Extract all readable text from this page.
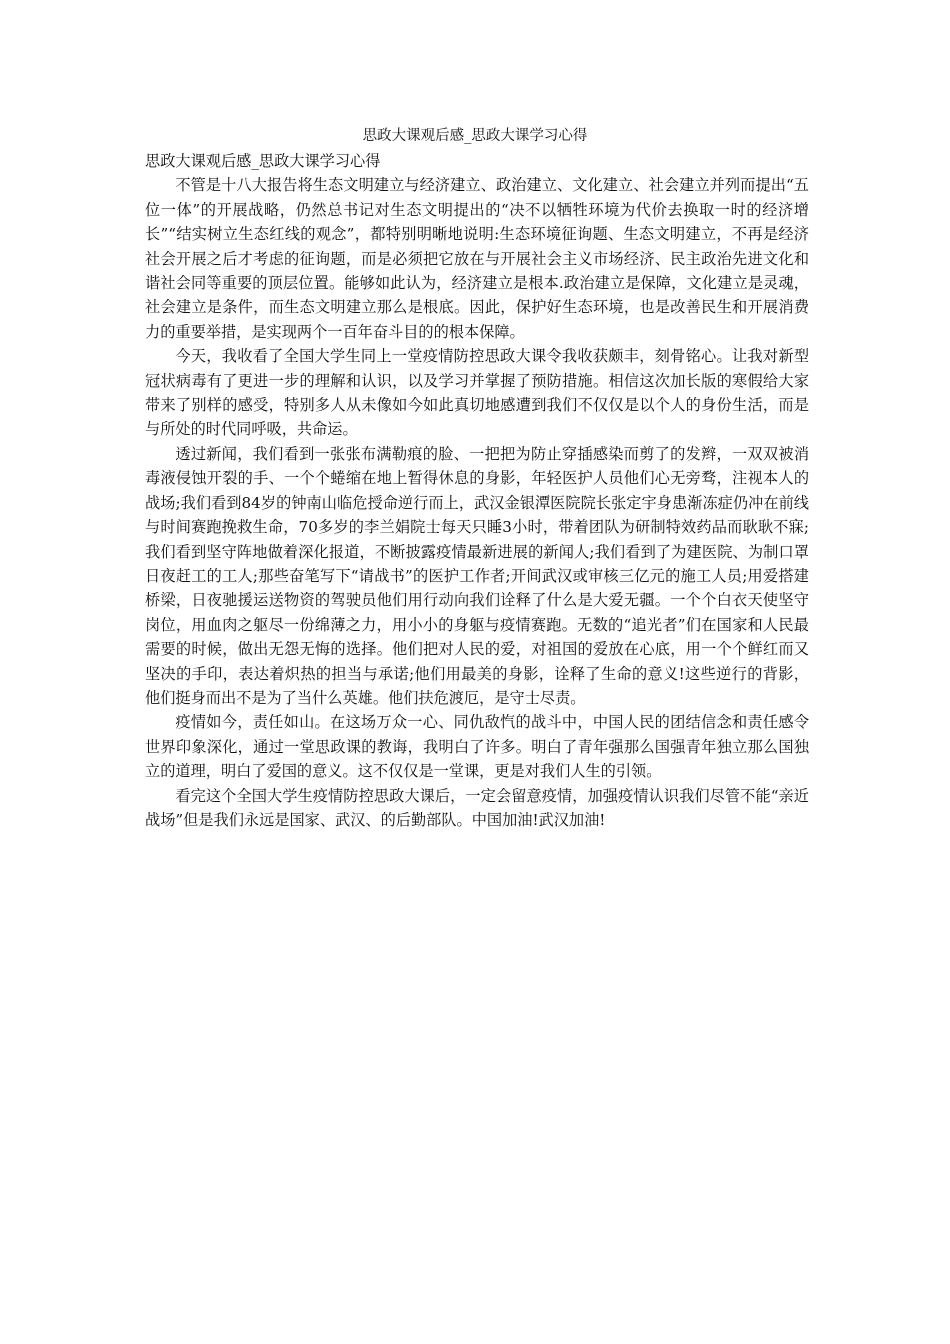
思政大课观后感_思政大课学习心得
思政大课观后感_思政大课学习心得

不管是十八大报告将生态文明建立与经济建立、政治建立、文化建立、社会建立并列而提出“五位一体”的开展战略，仍然总书记对生态文明提出的“决不以牺牲环境为代价去换取一时的经济增长”“结实树立生态红线的观念”，都特别明晰地说明:生态环境征询题、生态文明建立，不再是经济社会开展之后才考虑的征询题，而是必须把它放在与开展社会主义市场经济、民主政治先进文化和谐社会同等重要的顶层位置。能够如此认为，经济建立是根本.政治建立是保障，文化建立是灵魂，社会建立是条件，而生态文明建立那么是根底。因此，保护好生态环境，也是改善民生和开展消费力的重要举措，是实现两个一百年奋斗目的的根本保障。

今天，我收看了全国大学生同上一堂疫情防控思政大课令我收获颇丰，刻骨铭心。让我对新型冠状病毒有了更进一步的理解和认识，以及学习并掌握了预防措施。相信这次加长版的寒假给大家带来了别样的感受，特别多人从未像如今如此真切地感遭到我们不仅仅是以个人的身份生活，而是与所处的时代同呼吸，共命运。

透过新闻，我们看到一张张布满勒痕的脸、一把把为防止穿插感染而剪了的发辫，一双双被消毒液侵蚀开裂的手、一个个蜷缩在地上暂得休息的身影，年轻医护人员他们心无旁骛，注视本人的战场;我们看到84岁的钟南山临危授命逆行而上，武汉金银潭医院院长张定宇身患渐冻症仍冲在前线与时间赛跑挽救生命，70多岁的李兰娟院士每天只睡3小时，带着团队为研制特效药品而耿耿不寐;我们看到坚守阵地做着深化报道，不断披露疫情最新进展的新闻人;我们看到了为建医院、为制口罩日夜赶工的工人;那些奋笔写下“请战书”的医护工作者;开间武汉或审核三亿元的施工人员;用爱搭建桥梁，日夜驰援运送物资的驾驶员他们用行动向我们诠释了什么是大爱无疆。一个个白衣天使坚守岗位，用血肉之躯尽一份绵薄之力，用小小的身躯与疫情赛跑。无数的“追光者”们在国家和人民最需要的时候，做出无怨无悔的选择。他们把对人民的爱，对祖国的爱放在心底，用一个个鲜红而又坚决的手印，表达着炽热的担当与承诺;他们用最美的身影，诠释了生命的意义!这些逆行的背影，他们挺身而出不是为了当什么英雄。他们扶危渡厄，是守士尽责。

疫情如今，责任如山。在这场万众一心、同仇敌忾的战斗中，中国人民的团结信念和责任感令世界印象深化，通过一堂思政课的教诲，我明白了许多。明白了青年强那么国强青年独立那么国独立的道理，明白了爱国的意义。这不仅仅是一堂课，更是对我们人生的引领。

看完这个全国大学生疫情防控思政大课后，一定会留意疫情，加强疫情认识我们尽管不能“亲近战场”但是我们永远是国家、武汉、的后勤部队。中国加油!武汉加油!
